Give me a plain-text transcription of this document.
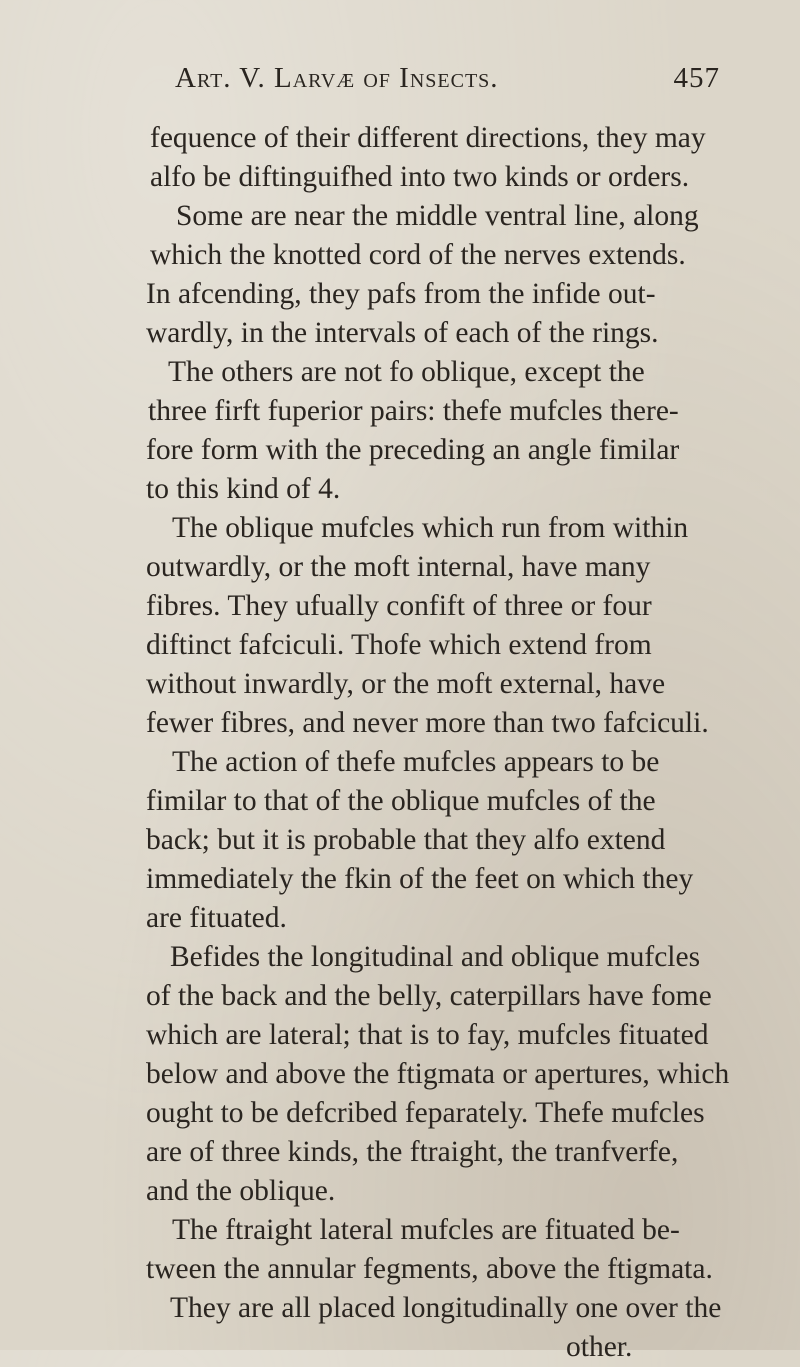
Art. V. Larvæ of Insects.	457
fequence of their different directions, they may
alfo be diftinguifhed into two kinds or orders.
Some are near the middle ventral line, along
which the knotted cord of the nerves extends.
In afcending, they pafs from the infide out-
wardly, in the intervals of each of the rings.
The others are not fo oblique, except the
three firft fuperior pairs: thefe mufcles there-
fore form with the preceding an angle fimilar
to this kind of 4.
The oblique mufcles which run from within
outwardly, or the moft internal, have many
fibres. They ufually confift of three or four
diftinct fafciculi. Thofe which extend from
without inwardly, or the moft external, have
fewer fibres, and never more than two fafciculi.
The action of thefe mufcles appears to be
fimilar to that of the oblique mufcles of the
back; but it is probable that they alfo extend
immediately the fkin of the feet on which they
are fituated.
Befides the longitudinal and oblique mufcles
of the back and the belly, caterpillars have fome
which are lateral; that is to fay, mufcles fituated
below and above the ftigmata or apertures, which
ought to be defcribed feparately. Thefe mufcles
are of three kinds, the ftraight, the tranfverfe,
and the oblique.
The ftraight lateral mufcles are fituated be-
tween the annular fegments, above the ftigmata.
They are all placed longitudinally one over the
other.
